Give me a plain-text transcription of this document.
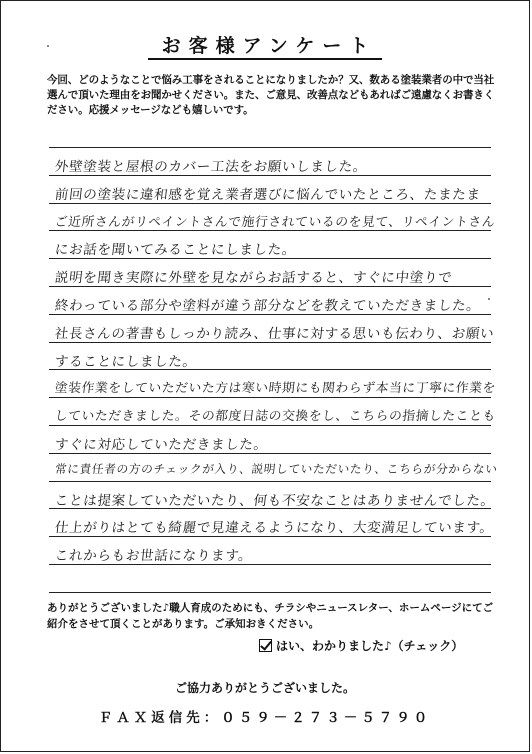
お客様アンケート
今回、どのようなことで悩み工事をされることになりましたか？又、数ある塗装業者の中で当社選んで頂いた理由をお聞かせください。また、ご意見、改善点などもあればご遠慮なくお書きください。応援メッセージなども嬉しいです。
外壁塗装と屋根のカバー工法をお願いしました。
前回の塗装に違和感を覚え業者選びに悩んでいたところ、たまたま
ご近所さんがリペイントさんで施行されているのを見て、リペイントさん
にお話を聞いてみることにしました。
説明を聞き実際に外壁を見ながらお話すると、すぐに中塗りで
終わっている部分や塗料が違う部分などを教えていただきました。
社長さんの著書もしっかり読み、仕事に対する思いも伝わり、お願い
することにしました。
塗装作業をしていただいた方は寒い時期にも関わらず本当に丁寧に作業を
していただきました。その都度日誌の交換をし、こちらの指摘したことも
すぐに対応していただきました。
常に責任者の方のチェックが入り、説明していただいたり、こちらが分からない
ことは提案していただいたり、何も不安なことはありませんでした。
仕上がりはとても綺麗で見違えるようになり、大変満足しています。
これからもお世話になります。
ありがとうございました♪職人育成のためにも、チラシやニュースレター、ホームページにてご紹介をさせて頂くことがあります。ご承知おきください。
はい、わかりました♪（チェック）
ご協力ありがとうございました。
ＦＡＸ返信先：０５９－２７３－５７９０
